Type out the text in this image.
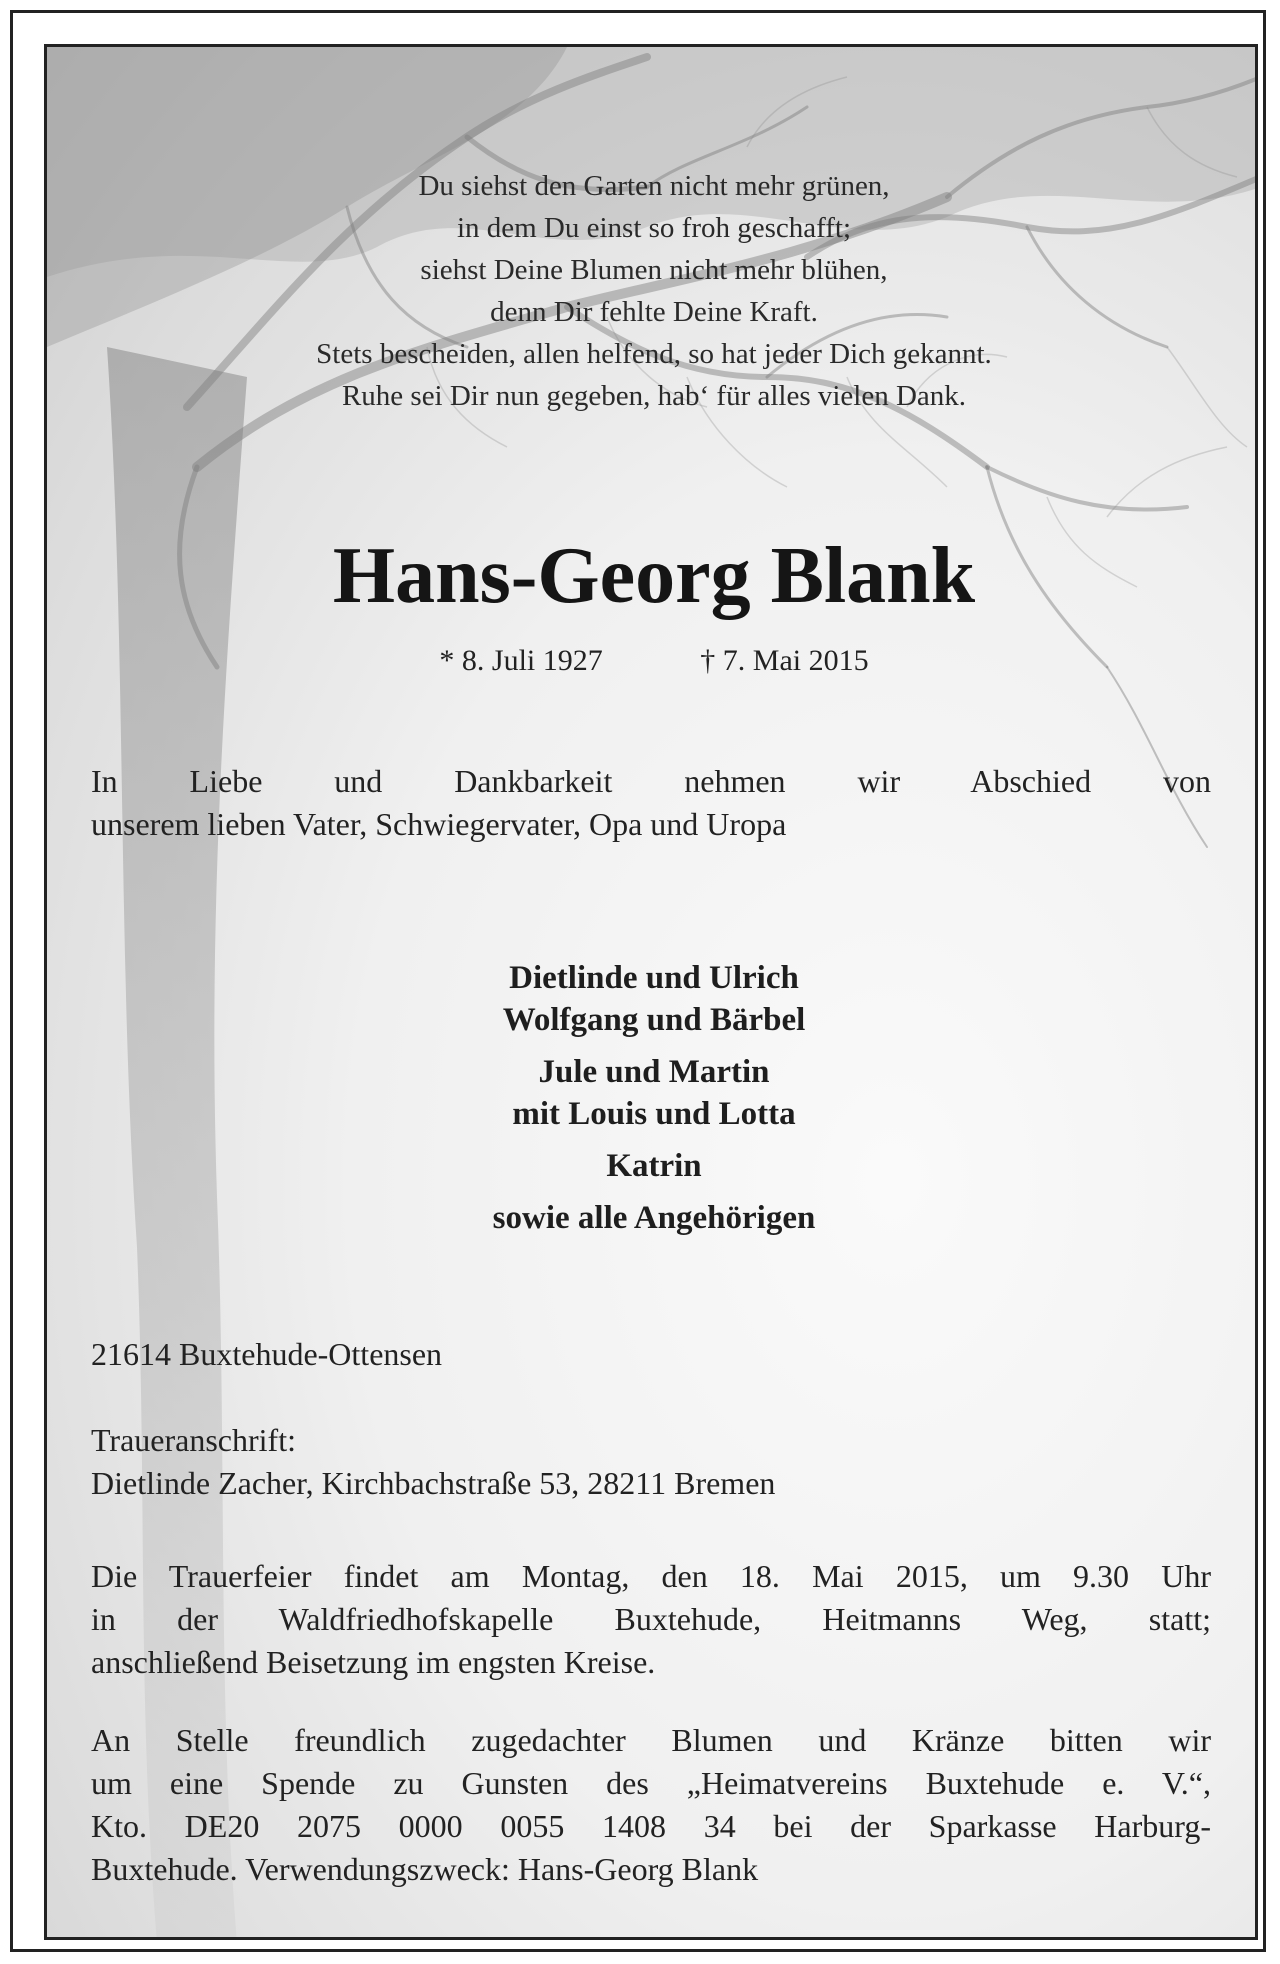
Du siehst den Garten nicht mehr grünen,
in dem Du einst so froh geschafft;
siehst Deine Blumen nicht mehr blühen,
denn Dir fehlte Deine Kraft.
Stets bescheiden, allen helfend, so hat jeder Dich gekannt.
Ruhe sei Dir nun gegeben, hab‘ für alles vielen Dank.
Hans-Georg Blank
* 8. Juli 1927	† 7. Mai 2015
In Liebe und Dankbarkeit nehmen wir Abschied von
unserem lieben Vater, Schwiegervater, Opa und Uropa
Dietlinde und Ulrich
Wolfgang und Bärbel
Jule und Martin
mit Louis und Lotta
Katrin
sowie alle Angehörigen
21614 Buxtehude-Ottensen
Traueranschrift:
Dietlinde Zacher, Kirchbachstraße 53, 28211 Bremen
Die Trauerfeier findet am Montag, den 18. Mai 2015, um 9.30 Uhr
in der Waldfriedhofskapelle Buxtehude, Heitmanns Weg, statt;
anschließend Beisetzung im engsten Kreise.
An Stelle freundlich zugedachter Blumen und Kränze bitten wir
um eine Spende zu Gunsten des „Heimatvereins Buxtehude e. V.“,
Kto. DE20 2075 0000 0055 1408 34 bei der Sparkasse Harburg-
Buxtehude. Verwendungszweck: Hans-Georg Blank
